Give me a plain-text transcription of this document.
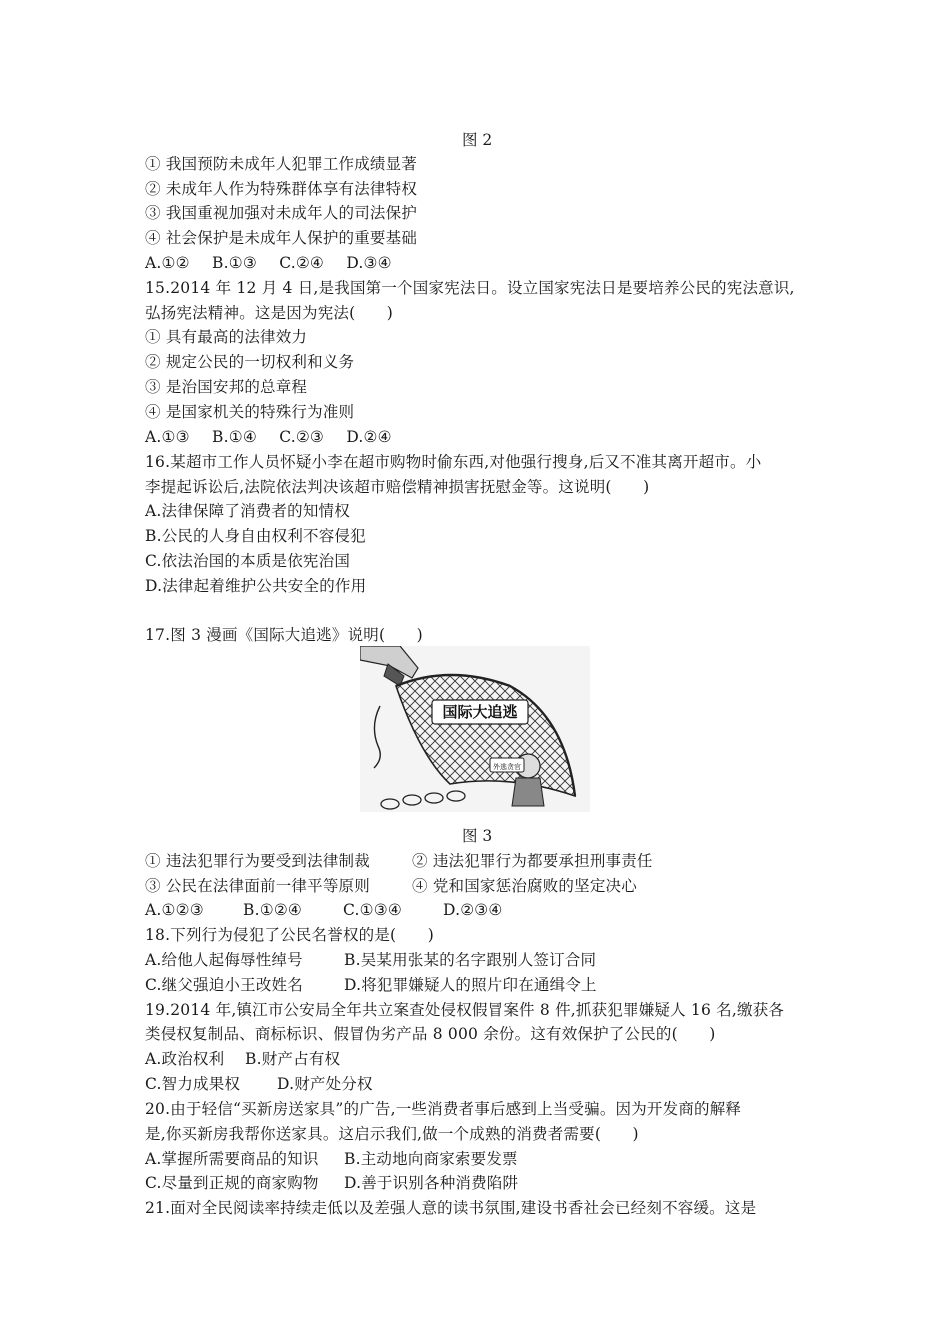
图 2
① 我国预防未成年人犯罪工作成绩显著
② 未成年人作为特殊群体享有法律特权
③ 我国重视加强对未成年人的司法保护
④ 社会保护是未成年人保护的重要基础
A.①② B.①③ C.②④ D.③④
15.2014 年 12 月 4 日,是我国第一个国家宪法日。设立国家宪法日是要培养公民的宪法意识,
弘扬宪法精神。这是因为宪法(　　)
① 具有最高的法律效力
② 规定公民的一切权利和义务
③ 是治国安邦的总章程
④ 是国家机关的特殊行为准则
A.①③ B.①④ C.②③ D.②④
16.某超市工作人员怀疑小李在超市购物时偷东西,对他强行搜身,后又不准其离开超市。小
李提起诉讼后,法院依法判决该超市赔偿精神损害抚慰金等。这说明(　　)
A.法律保障了消费者的知情权
B.公民的人身自由权利不容侵犯
C.依法治国的本质是依宪治国
D.法律起着维护公共安全的作用
17.图 3 漫画《国际大追逃》说明(　　)
国际大追逃
外逃贪官
图 3
① 违法犯罪行为要受到法律制裁	② 违法犯罪行为都要承担刑事责任
③ 公民在法律面前一律平等原则	④ 党和国家惩治腐败的坚定决心
A.①②③	B.①②④	C.①③④	D.②③④
18.下列行为侵犯了公民名誉权的是(　　)
A.给他人起侮辱性绰号	B.吴某用张某的名字跟别人签订合同
C.继父强迫小王改姓名	D.将犯罪嫌疑人的照片印在通缉令上
19.2014 年,镇江市公安局全年共立案查处侵权假冒案件 8 件,抓获犯罪嫌疑人 16 名,缴获各
类侵权复制品、商标标识、假冒伪劣产品 8 000 余份。这有效保护了公民的(　　)
A.政治权利 B.财产占有权
C.智力成果权 D.财产处分权
20.由于轻信“买新房送家具”的广告,一些消费者事后感到上当受骗。因为开发商的解释
是,你买新房我帮你送家具。这启示我们,做一个成熟的消费者需要(　　)
A.掌握所需要商品的知识 B.主动地向商家索要发票
C.尽量到正规的商家购物 D.善于识别各种消费陷阱
21.面对全民阅读率持续走低以及差强人意的读书氛围,建设书香社会已经刻不容缓。这是
